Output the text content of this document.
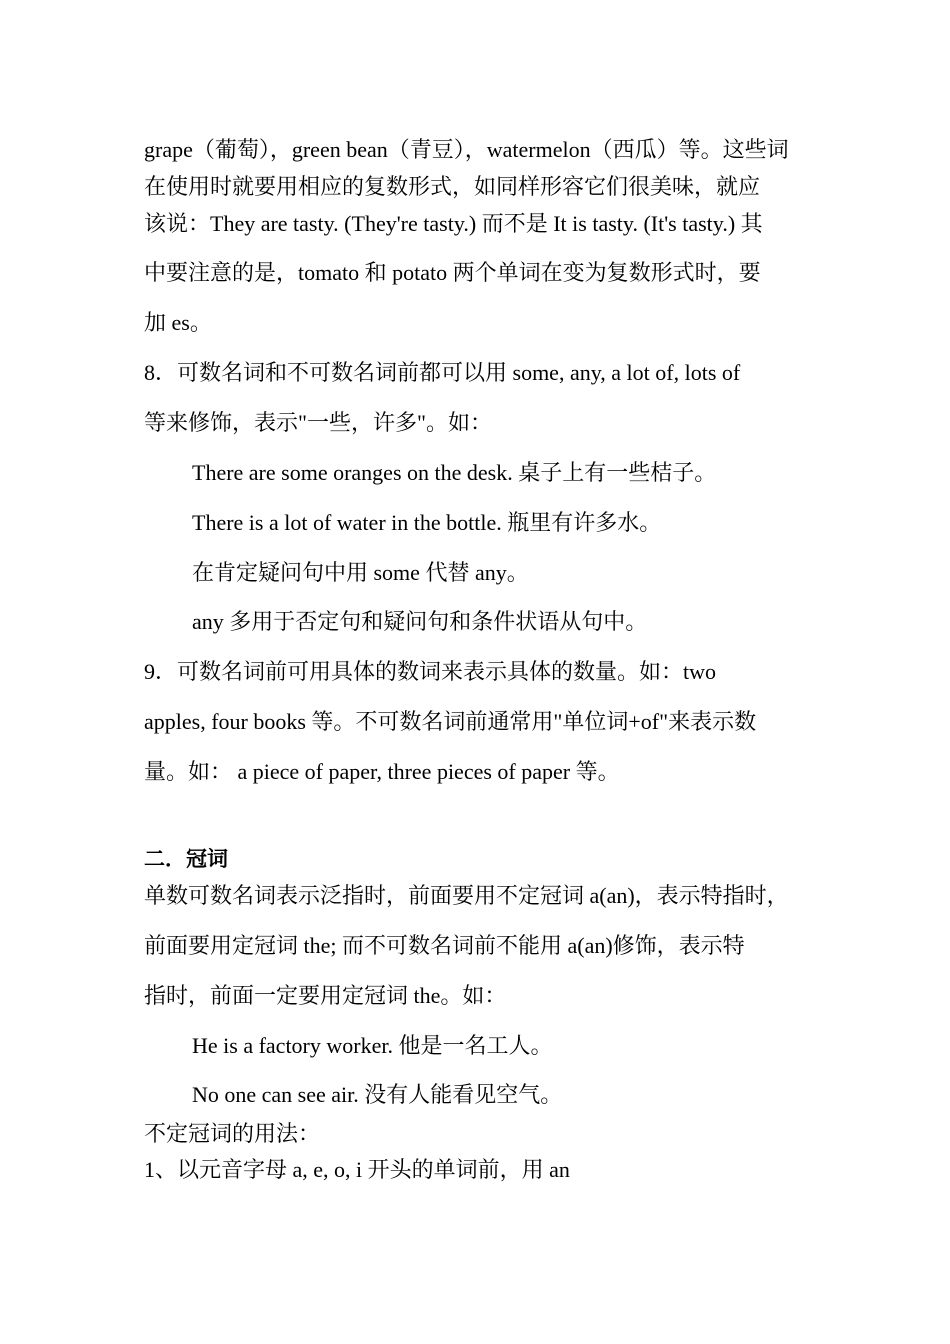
grape（葡萄），green bean（青豆），watermelon（西瓜）等。这些词
在使用时就要用相应的复数形式，如同样形容它们很美味，就应
该说：They are tasty. (They're tasty.) 而不是 It is tasty. (It's tasty.) 其
中要注意的是，tomato 和 potato 两个单词在变为复数形式时，要
加 es。
8．可数名词和不可数名词前都可以用 some, any, a lot of, lots of
等来修饰，表示"一些，许多"。如：
There are some oranges on the desk. 桌子上有一些桔子。
There is a lot of water in the bottle. 瓶里有许多水。
在肯定疑问句中用 some 代替 any。
any 多用于否定句和疑问句和条件状语从句中。
9．可数名词前可用具体的数词来表示具体的数量。如：two
apples, four books 等。不可数名词前通常用"单位词+of"来表示数
量。如： a piece of paper, three pieces of paper 等。
二．冠词
单数可数名词表示泛指时，前面要用不定冠词 a(an)，表示特指时，
前面要用定冠词 the; 而不可数名词前不能用 a(an)修饰，表示特
指时，前面一定要用定冠词 the。如：
He is a factory worker. 他是一名工人。
No one can see air. 没有人能看见空气。
不定冠词的用法：
1、以元音字母 a, e, o, i 开头的单词前，用 an
